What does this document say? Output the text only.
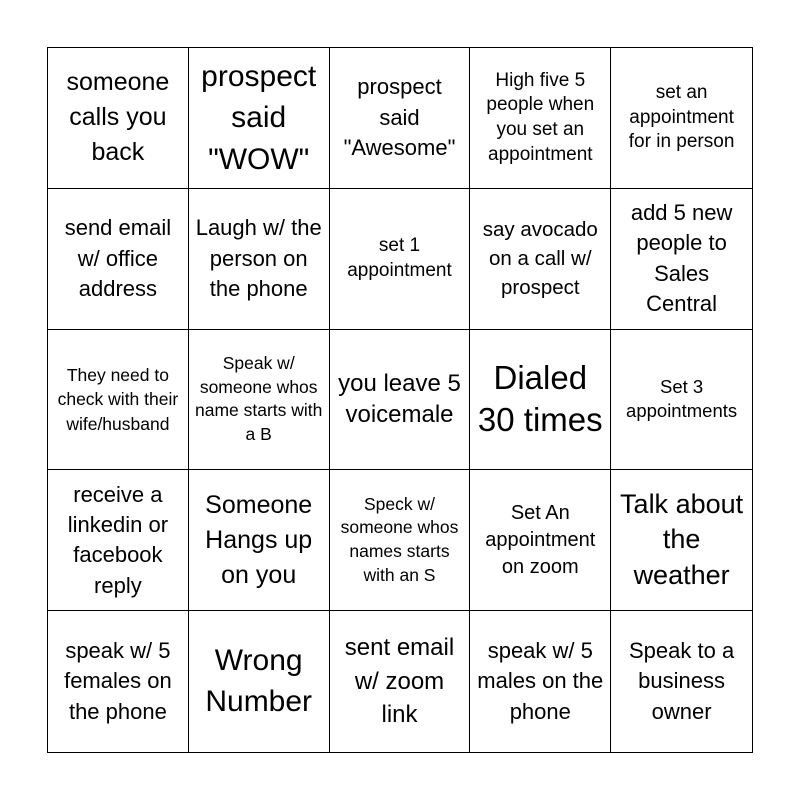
someone calls you back
prospect said "WOW"
prospect said "Awesome"
High five 5 people when you set an appointment
set an appointment for in person
send email w/ office address
Laugh w/ the person on the phone
set 1 appointment
say avocado on a call w/ prospect
add 5 new people to Sales Central
They need to check with their wife/husband
Speak w/ someone whos name starts with a B
you leave 5 voicemale
Dialed 30 times
Set 3 appointments
receive a linkedin or facebook reply
Someone Hangs up on you
Speck w/ someone whos names starts with an S
Set An appointment on zoom
Talk about the weather
speak w/ 5 females on the phone
Wrong Number
sent email w/ zoom link
speak w/ 5 males on the phone
Speak to a business owner
